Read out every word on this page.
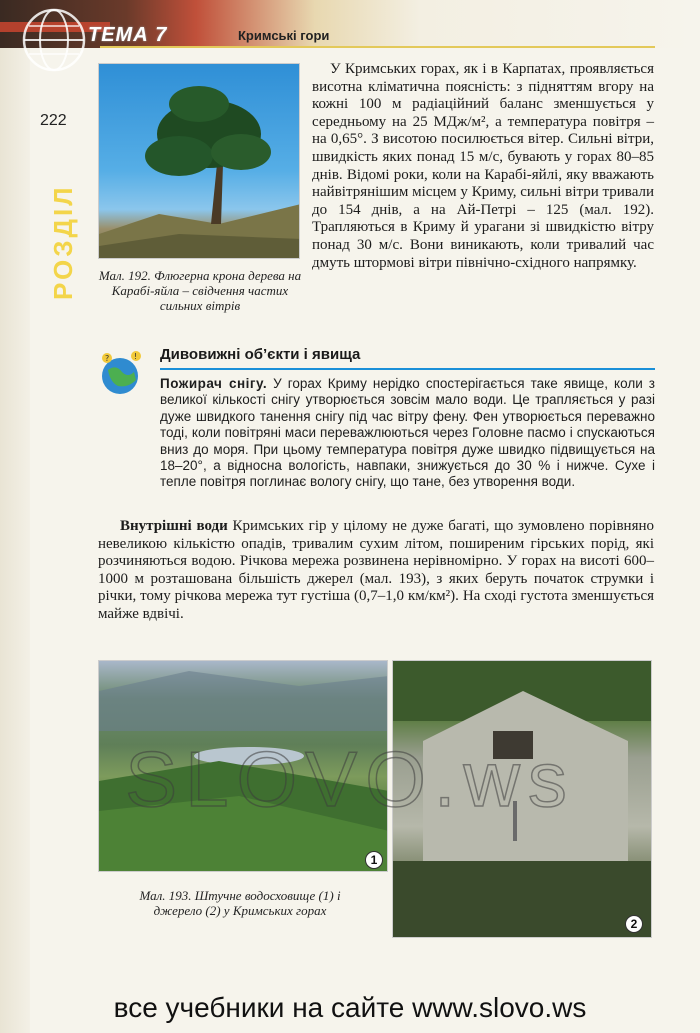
ТЕМА 7	Кримські гори
222
РОЗДІЛ Мал. 192. Флюгерна крона дерева на Карабі-яйла – свідчення частих сильних вітрів
У Кримських горах, як і в Карпатах, проявляється висотна кліматична поясність: з підняттям вгору на кожні 100 м радіаційний баланс зменшується у середньому на 25 МДж/м², а температура повітря – на 0,65°. З висотою посилюється вітер. Сильні вітри, швидкість яких понад 15 м/с, бувають у горах 80–85 днів. Відомі роки, коли на Карабі-яйлі, яку вважають найвітрянішим місцем у Криму, сильні вітри тривали до 154 днів, а на Ай-Петрі – 125 (мал. 192). Трапляються в Криму й урагани зі швидкістю вітру понад 30 м/с. Вони виникають, коли тривалий час дмуть штормові вітри північно-східного напрямку.
?	! Дивовижні об’єкти і явища
Пожирач снігу. У горах Криму нерідко спостерігається таке явище, коли з великої кількості снігу утворюється зовсім мало води. Це трапляється у разі дуже швидкого танення снігу під час вітру фену. Фен утворюється переважно тоді, коли повітряні маси переважлюються через Головне пасмо і спускаються вниз до моря. При цьому температура повітря дуже швидко підвищується на 18–20°, а відносна вологість, навпаки, знижується до 30 % і нижче. Сухе і тепле повітря поглинає вологу снігу, що тане, без утворення води.
Внутрішні води Кримських гір у цілому не дуже багаті, що зумовлено порівняно невеликою кількістю опадів, тривалим сухим літом, поширеним гірських порід, які розчиняються водою. Річкова мережа розвинена нерівномірно. У горах на висоті 600–1000 м розташована більшість джерел (мал. 193), з яких беруть початок струмки і річки, тому річкова мережа тут густіша (0,7–1,0 км/км²). На сході густота зменшується майже вдвічі.
1
2
Мал. 193. Штучне водосховище (1) і джерело (2) у Кримських горах
SLOVO.ws
все учебники на сайте www.slovo.ws
